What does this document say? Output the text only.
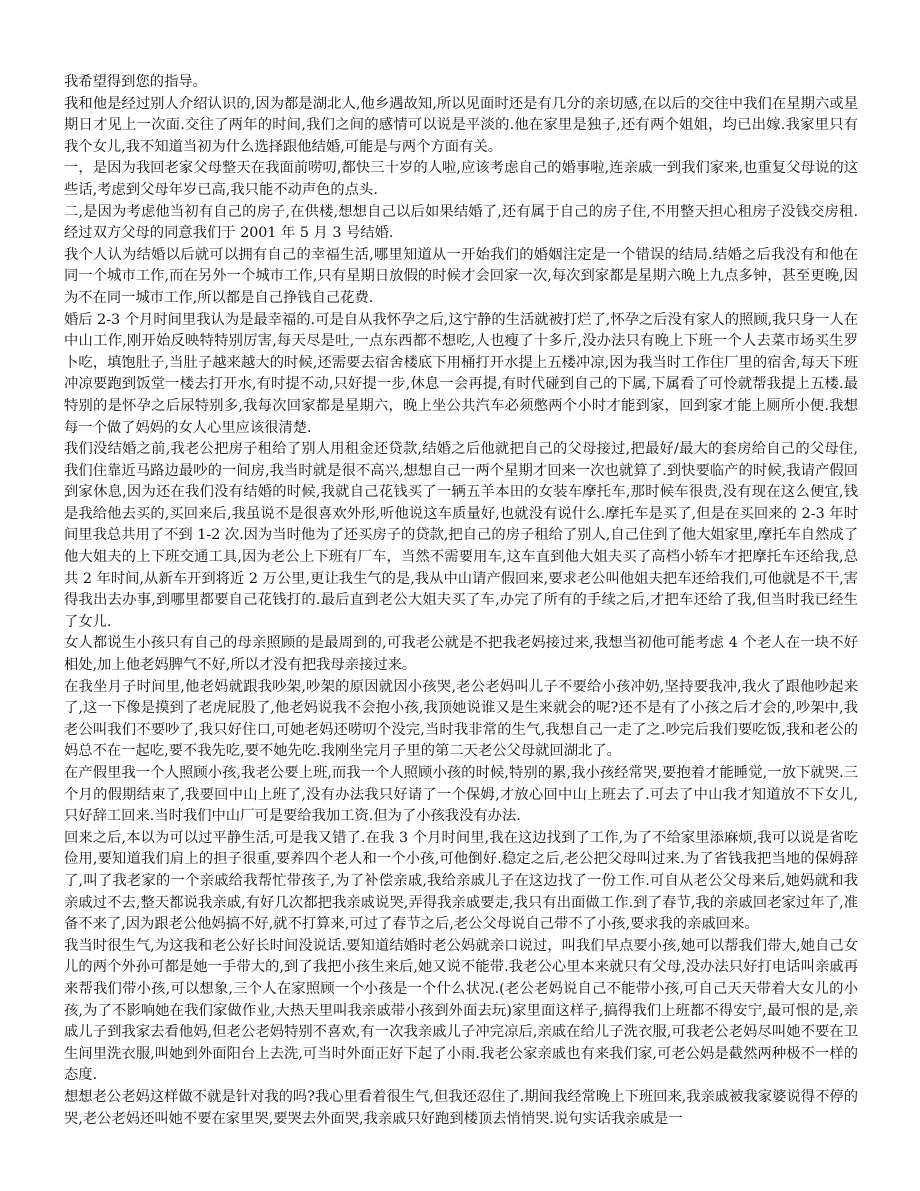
我希望得到您的指导。

我和他是经过别人介绍认识的,因为都是湖北人,他乡遇故知,所以见面时还是有几分的亲切感,在以后的交往中我们在星期六或星期日才见上一次面.交往了两年的时间,我们之间的感情可以说是平淡的.他在家里是独子,还有两个姐姐，均已出嫁.我家里只有我个女儿,我不知道当初为什么选择跟他结婚,可能是与两个方面有关。

一，是因为我回老家父母整天在我面前唠叨,都快三十岁的人啦,应该考虑自己的婚事啦,连亲戚一到我们家来,也重复父母说的这些话,考虑到父母年岁已高,我只能不动声色的点头.

二,是因为考虑他当初有自己的房子,在供楼,想想自己以后如果结婚了,还有属于自己的房子住,不用整天担心租房子没钱交房租.经过双方父母的同意我们于 2001 年 5 月 3 号结婚.

我个人认为结婚以后就可以拥有自己的幸福生活,哪里知道从一开始我们的婚姻注定是一个错误的结局.结婚之后我没有和他在同一个城市工作,而在另外一个城市工作,只有星期日放假的时候才会回家一次,每次到家都是星期六晚上九点多钟，甚至更晚,因为不在同一城市工作,所以都是自己挣钱自己花费.

婚后 2-3 个月时间里我认为是最幸福的.可是自从我怀孕之后,这宁静的生活就被打烂了,怀孕之后没有家人的照顾,我只身一人在中山工作,刚开始反映特特别厉害,每天尽是吐,一点东西都不想吃,人也瘦了十多斤,没办法只有晚上下班一个人去菜市场买生罗卜吃，填饱肚子,当肚子越来越大的时候,还需要去宿舍楼底下用桶打开水提上五楼冲凉,因为我当时工作住厂里的宿舍,每天下班冲凉要跑到饭堂一楼去打开水,有时提不动,只好提一步,休息一会再提,有时代碰到自己的下属,下属看了可怜就帮我提上五楼.最特别的是怀孕之后尿特别多,我每次回家都是星期六，晚上坐公共汽车必须憋两个小时才能到家，回到家才能上厕所小便.我想每一个做了妈妈的女人心里应该很清楚.

我们没结婚之前,我老公把房子租给了别人用租金还贷款,结婚之后他就把自己的父母接过,把最好/最大的套房给自己的父母住,我们住靠近马路边最吵的一间房,我当时就是很不高兴,想想自己一两个星期才回来一次也就算了.到快要临产的时候,我请产假回到家休息,因为还在我们没有结婚的时候,我就自己花钱买了一辆五羊本田的女装车摩托车,那时候车很贵,没有现在这么便宜,钱是我给他去买的,买回来后,我虽说不是很喜欢外形,听他说这车质量好,也就没有说什么.摩托车是买了,但是在买回来的 2-3 年时间里我总共用了不到 1-2 次.因为当时他为了还买房子的贷款,把自己的房子租给了别人,自己住到了他大姐家里,摩托车自然成了他大姐夫的上下班交通工具,因为老公上下班有厂车，当然不需要用车,这车直到他大姐夫买了高档小轿车才把摩托车还给我,总共 2 年时间,从新车开到将近 2 万公里,更让我生气的是,我从中山请产假回来,要求老公叫他姐夫把车还给我们,可他就是不干,害得我出去办事,到哪里都要自己花钱打的.最后直到老公大姐夫买了车,办完了所有的手续之后,才把车还给了我,但当时我已经生了女儿.

女人都说生小孩只有自己的母亲照顾的是最周到的,可我老公就是不把我老妈接过来,我想当初他可能考虑 4 个老人在一块不好相处,加上他老妈脾气不好,所以才没有把我母亲接过来。

在我坐月子时间里,他老妈就跟我吵架,吵架的原因就因小孩哭,老公老妈叫儿子不要给小孩冲奶,坚持要我冲,我火了跟他吵起来了,这一下像是摸到了老虎屁股了,他老妈说我不会抱小孩,我顶她说谁又是生来就会的呢?还不是有了小孩之后才会的,吵架中,我老公叫我们不要吵了,我只好住口,可她老妈还唠叨个没完,当时我非常的生气,我想自己一走了之.吵完后我们要吃饭,我和老公的妈总不在一起吃,要不我先吃,要不她先吃.我刚坐完月子里的第二天老公父母就回湖北了。

在产假里我一个人照顾小孩,我老公要上班,而我一个人照顾小孩的时候,特别的累,我小孩经常哭,要抱着才能睡觉,一放下就哭.三个月的假期结束了,我要回中山上班了,没有办法我只好请了一个保姆,才放心回中山上班去了.可去了中山我才知道放不下女儿,只好辞工回来.当时我们中山厂可是要给我加工资.但为了小孩我没有办法.

回来之后,本以为可以过平静生活,可是我又错了.在我 3 个月时间里,我在这边找到了工作,为了不给家里添麻烦,我可以说是省吃俭用,要知道我们肩上的担子很重,要养四个老人和一个小孩,可他倒好.稳定之后,老公把父母叫过来.为了省钱我把当地的保姆辞了,叫了我老家的一个亲戚给我帮忙带孩子,为了补偿亲戚,我给亲戚儿子在这边找了一份工作.可自从老公父母来后,她妈就和我亲戚过不去,整天都说我亲戚,有好几次都把我亲戚说哭,弄得我亲戚要走,我只有出面做工作.到了春节,我的亲戚回老家过年了,准备不来了,因为跟老公他妈搞不好,就不打算来,可过了春节之后,老公父母说自己带不了小孩,要求我的亲戚回来。

我当时很生气,为这我和老公好长时间没说话.要知道结婚时老公妈就亲口说过，叫我们早点要小孩,她可以帮我们带大,她自己女儿的两个外孙可都是她一手带大的,到了我把小孩生来后,她又说不能带.我老公心里本来就只有父母,没办法只好打电话叫亲戚再来帮我们带小孩,可以想象,三个人在家照顾一个小孩是一个什么状况.(老公老妈说自己不能带小孩,可自己天天带着大女儿的小孩,为了不影响她在我们家做作业,大热天里叫我亲戚带小孩到外面去玩)家里面这样子,搞得我们上班都不得安宁,最可恨的是,亲戚儿子到我家去看他妈,但老公老妈特别不喜欢,有一次我亲戚儿子冲完凉后,亲戚在给儿子洗衣服,可我老公老妈尽叫她不要在卫生间里洗衣服,叫她到外面阳台上去洗,可当时外面正好下起了小雨.我老公家亲戚也有来我们家,可老公妈是截然两种极不一样的态度.

想想老公老妈这样做不就是针对我的吗?我心里看着很生气,但我还忍住了.期间我经常晚上下班回来,我亲戚被我家婆说得不停的哭,老公老妈还叫她不要在家里哭,要哭去外面哭,我亲戚只好跑到楼顶去悄悄哭.说句实话我亲戚是一
